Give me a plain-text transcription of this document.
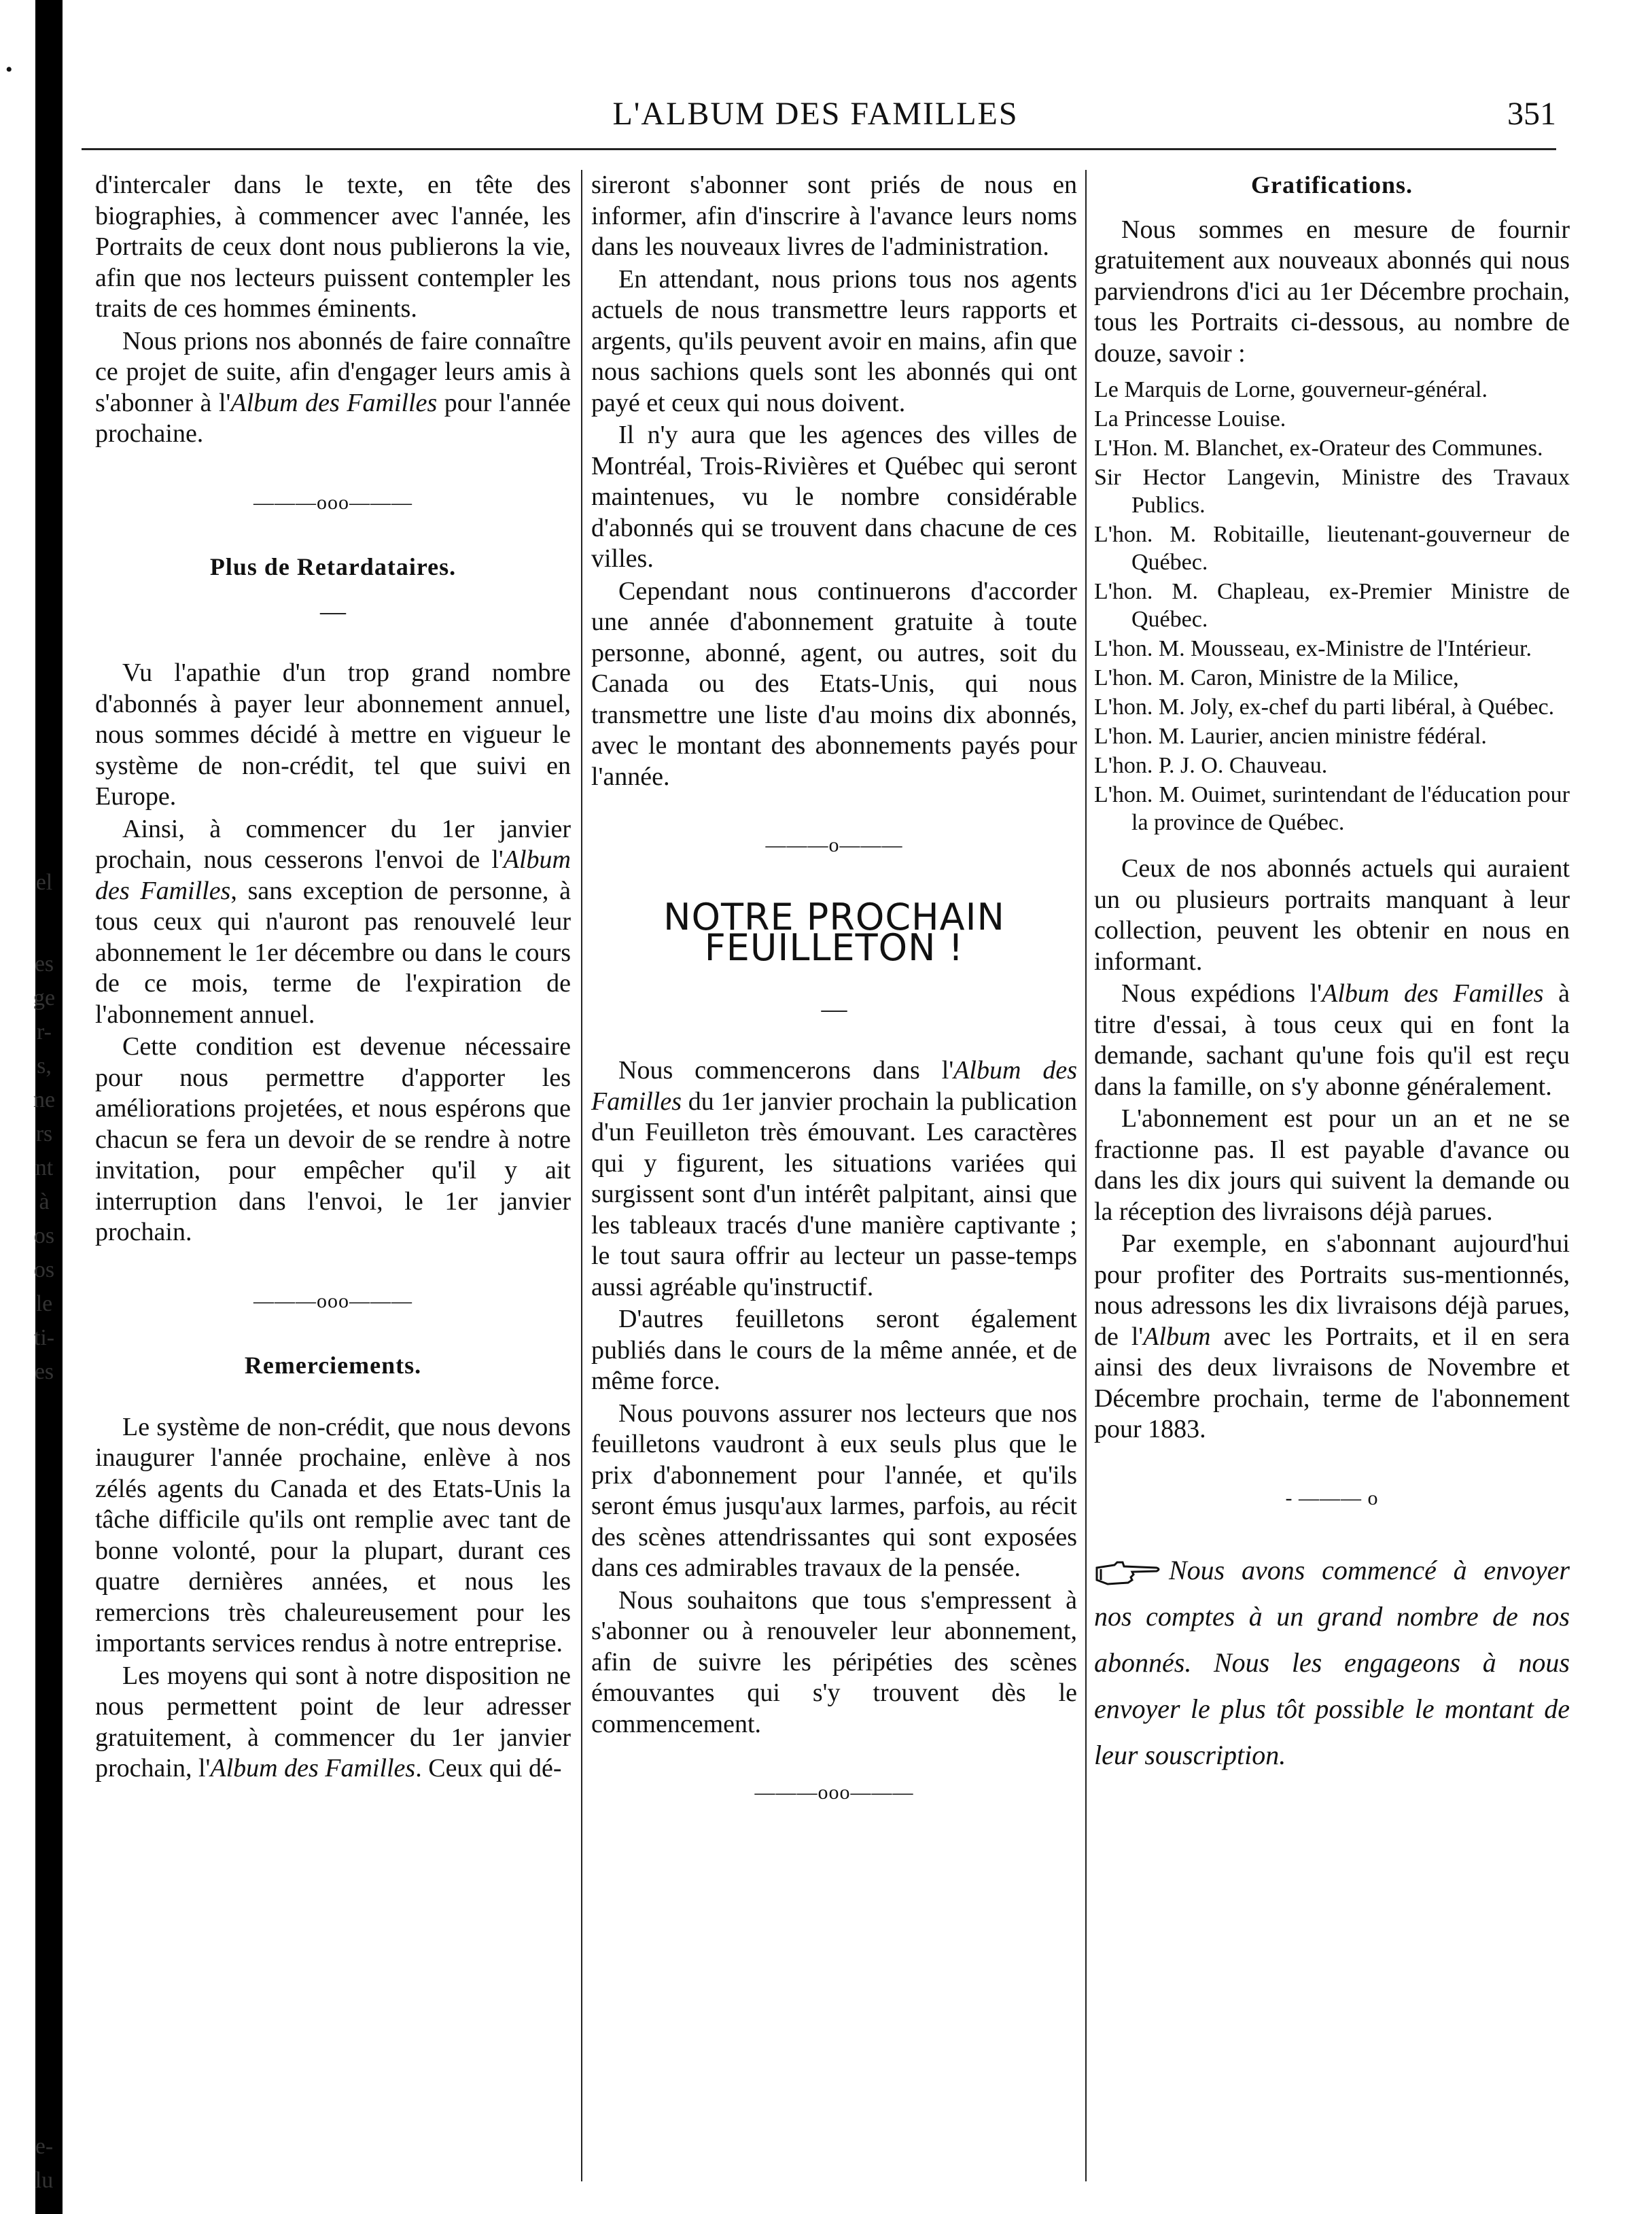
•
el
es
ge
r-
s,
ne
rs
nt
à
os
os
le
ti-
es
e-
lu
L'ALBUM DES FAMILLES	351

d'intercaler dans le texte, en tête des biographies, à commencer avec l'année, les Portraits de ceux dont nous publierons la vie, afin que nos lecteurs puissent contempler les traits de ces hommes éminents.

Nous prions nos abonnés de faire connaître ce projet de suite, afin d'engager leurs amis à s'abonner à l'Album des Familles pour l'année prochaine.

———ooo———
Plus de Retardataires.
—

Vu l'apathie d'un trop grand nombre d'abonnés à payer leur abonnement annuel, nous sommes décidé à mettre en vigueur le système de non-crédit, tel que suivi en Europe.

Ainsi, à commencer du 1er janvier prochain, nous cesserons l'envoi de l'Album des Familles, sans exception de personne, à tous ceux qui n'auront pas renouvelé leur abonnement le 1er décembre ou dans le cours de ce mois, terme de l'expiration de l'abonnement annuel.

Cette condition est devenue nécessaire pour nous permettre d'apporter les améliorations projetées, et nous espérons que chacun se fera un devoir de se rendre à notre invitation, pour empêcher qu'il y ait interruption dans l'envoi, le 1er janvier prochain.

———ooo———
Remerciements.

Le système de non-crédit, que nous devons inaugurer l'année prochaine, enlève à nos zélés agents du Canada et des Etats-Unis la tâche difficile qu'ils ont remplie avec tant de bonne volonté, pour la plupart, durant ces quatre dernières années, et nous les remercions très chaleureusement pour les importants services rendus à notre entreprise.

Les moyens qui sont à notre disposition ne nous permettent point de leur adresser gratuitement, à commencer du 1er janvier prochain, l'Album des Familles. Ceux qui dé-

sireront s'abonner sont priés de nous en informer, afin d'inscrire à l'avance leurs noms dans les nouveaux livres de l'administration.

En attendant, nous prions tous nos agents actuels de nous transmettre leurs rapports et argents, qu'ils peuvent avoir en mains, afin que nous sachions quels sont les abonnés qui ont payé et ceux qui nous doivent.

Il n'y aura que les agences des villes de Montréal, Trois-Rivières et Québec qui seront maintenues, vu le nombre considérable d'abonnés qui se trouvent dans chacune de ces villes.

Cependant nous continuerons d'accorder une année d'abonnement gratuite à toute personne, abonné, agent, ou autres, soit du Canada ou des Etats-Unis, qui nous transmettre une liste d'au moins dix abonnés, avec le montant des abonnements payés pour l'année.

———o———
NOTRE PROCHAIN FEUILLETON !
—

Nous commencerons dans l'Album des Familles du 1er janvier prochain la publication d'un Feuilleton très émouvant. Les caractères qui y figurent, les situations variées qui surgissent sont d'un intérêt palpitant, ainsi que les tableaux tracés d'une manière captivante ; le tout saura offrir au lecteur un passe-temps aussi agréable qu'instructif.

D'autres feuilletons seront également publiés dans le cours de la même année, et de même force.

Nous pouvons assurer nos lecteurs que nos feuilletons vaudront à eux seuls plus que le prix d'abonnement pour l'année, et qu'ils seront émus jusqu'aux larmes, parfois, au récit des scènes attendrissantes qui sont exposées dans ces admirables travaux de la pensée.

Nous souhaitons que tous s'empressent à s'abonner ou à renouveler leur abonnement, afin de suivre les péripéties des scènes émouvantes qui s'y trouvent dès le commencement.

———ooo———
Gratifications.

Nous sommes en mesure de fournir gratuitement aux nouveaux abonnés qui nous parviendrons d'ici au 1er Décembre prochain, tous les Portraits ci-dessous, au nombre de douze, savoir :

Le Marquis de Lorne, gouverneur-général.
La Princesse Louise.
L'Hon. M. Blanchet, ex-Orateur des Communes.
Sir Hector Langevin, Ministre des Travaux Publics.
L'hon. M. Robitaille, lieutenant-gouverneur de Québec.
L'hon. M. Chapleau, ex-Premier Ministre de Québec.
L'hon. M. Mousseau, ex-Ministre de l'Intérieur.
L'hon. M. Caron, Ministre de la Milice,
L'hon. M. Joly, ex-chef du parti libéral, à Québec.
L'hon. M. Laurier, ancien ministre fédéral.
L'hon. P. J. O. Chauveau.
L'hon. M. Ouimet, surintendant de l'éducation pour la province de Québec.

Ceux de nos abonnés actuels qui auraient un ou plusieurs portraits manquant à leur collection, peuvent les obtenir en nous en informant.

Nous expédions l'Album des Familles à titre d'essai, à tous ceux qui en font la demande, sachant qu'une fois qu'il est reçu dans la famille, on s'y abonne généralement.

L'abonnement est pour un an et ne se fractionne pas. Il est payable d'avance ou dans les dix jours qui suivent la demande ou la réception des livraisons déjà parues.

Par exemple, en s'abonnant aujourd'hui pour profiter des Portraits sus-mentionnés, nous adressons les dix livraisons déjà parues, de l'Album avec les Portraits, et il en sera ainsi des deux livraisons de Novembre et Décembre prochain, terme de l'abonnement pour 1883.

- ——— o
Nous avons commencé à envoyer nos comptes à un grand nombre de nos abonnés. Nous les engageons à nous envoyer le plus tôt possible le montant de leur souscription.
